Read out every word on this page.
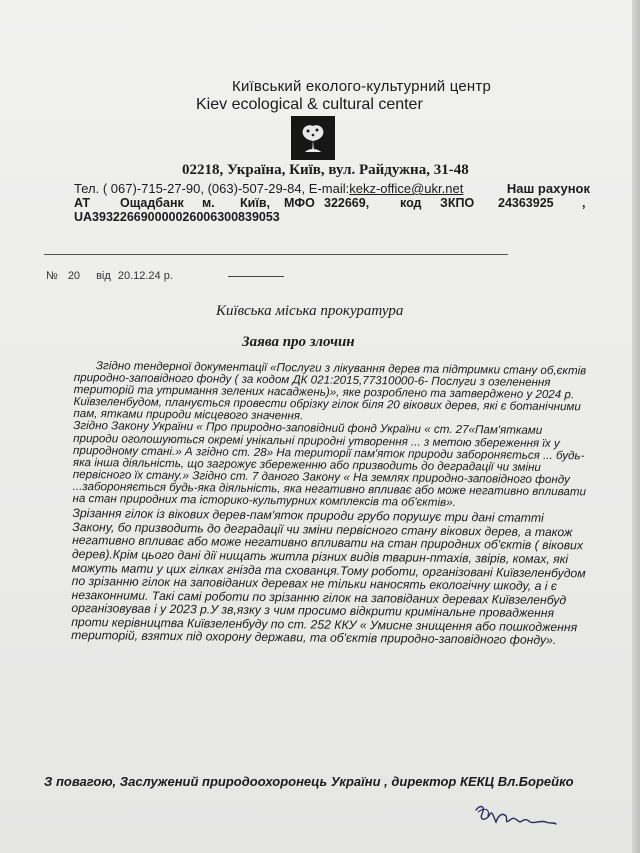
Київський еколого-культурний центр
Kiev ecological & cultural center
02218, Україна, Київ, вул. Райдужна, 31-48
Тел. ( 067)-715-27-90, (063)-507-29-84, E-mail:kekz-office@ukr.net	Наш рахунок
АТ Ощадбанк м. Київ, МФО 322669, код ЗКПО 24363925 ,
UA393226690000026006300839053
№ 20 від 20.12.24 р.
Київська міська прокуратура
Заява про злочин

Згідно тендерної документації «Послуги з лікування дерев та підтримки стану об,єктів природно-заповідного фонду ( за кодом ДК 021:2015,77310000-6- Послуги з озеленення територій та утримання зелених насаджень)», яке розроблено та затверджено у 2024 р. Київзеленбудом, планується провести обрізку гілок біля 20 вікових дерев, які є ботанічними пам, ятками природи місцевого значення.

Згідно Закону України « Про природно-заповідний фонд України « ст. 27«Пам'ятками природи оголошуються окремі унікальні природні утворення ... з метою збереження їх у природному стані.» А згідно ст. 28» На території пам'яток природи забороняється ... будь-яка інша діяльність, що загрожує збереженню або призводить до деградації чи зміни первісного їх стану.» Згідно ст. 7 даного Закону « На землях природно-заповідного фонду ...забороняється будь-яка діяльність, яка негативно впливає або може негативно впливати на стан природних та історико-культурних комплексів та об'єктів».

Зрізання гілок із вікових дерев-пам'яток природи грубо порушує три дані статті Закону, бо призводить до деградації чи зміни первісного стану вікових дерев, а також негативно впливає або може негативно впливати на стан природних об'єктів ( вікових дерев).Крім цього дані дії нищать житла різних видів тварин-птахів, звірів, комах, які можуть мати у цих гілках гнізда та схованця.Тому роботи, організовані Київзеленбудом по зрізанню гілок на заповіданих деревах не тільки наносять екологічну шкоду, а і є незаконними. Такі самі роботи по зрізанню гілок на заповіданих деревах Київзеленбуд організовував і у 2023 р.У зв,язку з чим просимо відкрити кримінальне провадження проти керівництва Київзеленбуду по ст. 252 ККУ « Умисне знищення або пошкодження територій, взятих під охорону держави, та об'єктів природно-заповідного фонду».

З повагою, Заслужений природоохоронець України , директор КЕКЦ Вл.Борейко
